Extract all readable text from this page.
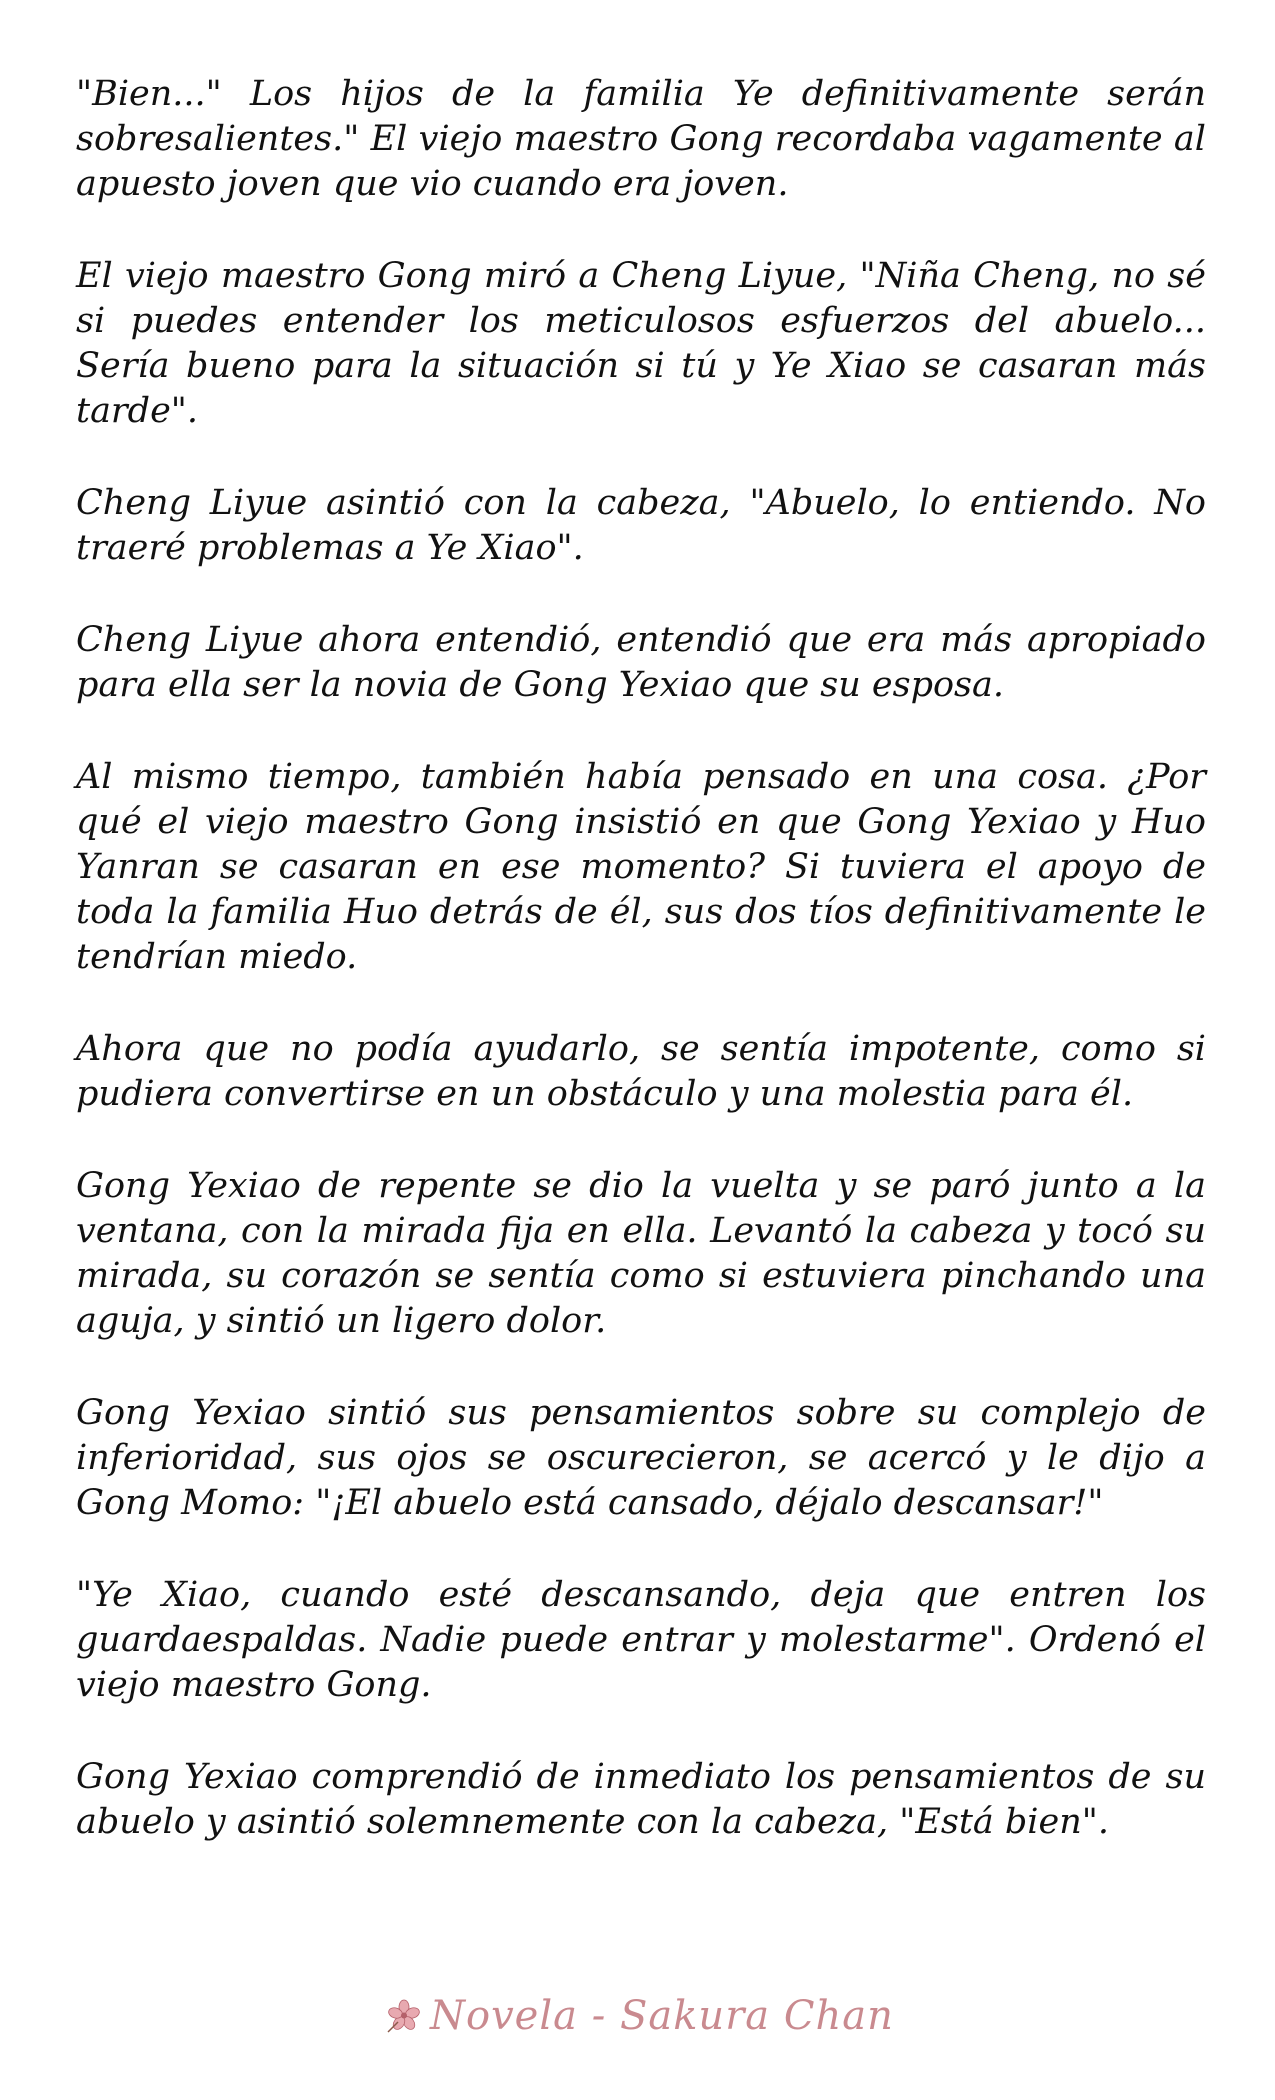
"Bien..." Los hijos de la familia Ye definitivamente serán sobresalientes." El viejo maestro Gong recordaba vagamente al apuesto joven que vio cuando era joven.

El viejo maestro Gong miró a Cheng Liyue, "Niña Cheng, no sé si puedes entender los meticulosos esfuerzos del abuelo... Sería bueno para la situación si tú y Ye Xiao se casaran más tarde".

Cheng Liyue asintió con la cabeza, "Abuelo, lo entiendo. No traeré problemas a Ye Xiao".

Cheng Liyue ahora entendió, entendió que era más apropiado para ella ser la novia de Gong Yexiao que su esposa.

Al mismo tiempo, también había pensado en una cosa. ¿Por qué el viejo maestro Gong insistió en que Gong Yexiao y Huo Yanran se casaran en ese momento? Si tuviera el apoyo de toda la familia Huo detrás de él, sus dos tíos definitivamente le tendrían miedo.

Ahora que no podía ayudarlo, se sentía impotente, como si pudiera convertirse en un obstáculo y una molestia para él.

Gong Yexiao de repente se dio la vuelta y se paró junto a la ventana, con la mirada fija en ella. Levantó la cabeza y tocó su mirada, su corazón se sentía como si estuviera pinchando una aguja, y sintió un ligero dolor.

Gong Yexiao sintió sus pensamientos sobre su complejo de inferioridad, sus ojos se oscurecieron, se acercó y le dijo a Gong Momo: "¡El abuelo está cansado, déjalo descansar!"

"Ye Xiao, cuando esté descansando, deja que entren los guardaespaldas. Nadie puede entrar y molestarme". Ordenó el viejo maestro Gong.

Gong Yexiao comprendió de inmediato los pensamientos de su abuelo y asintió solemnemente con la cabeza, "Está bien".

Novela - Sakura Chan
